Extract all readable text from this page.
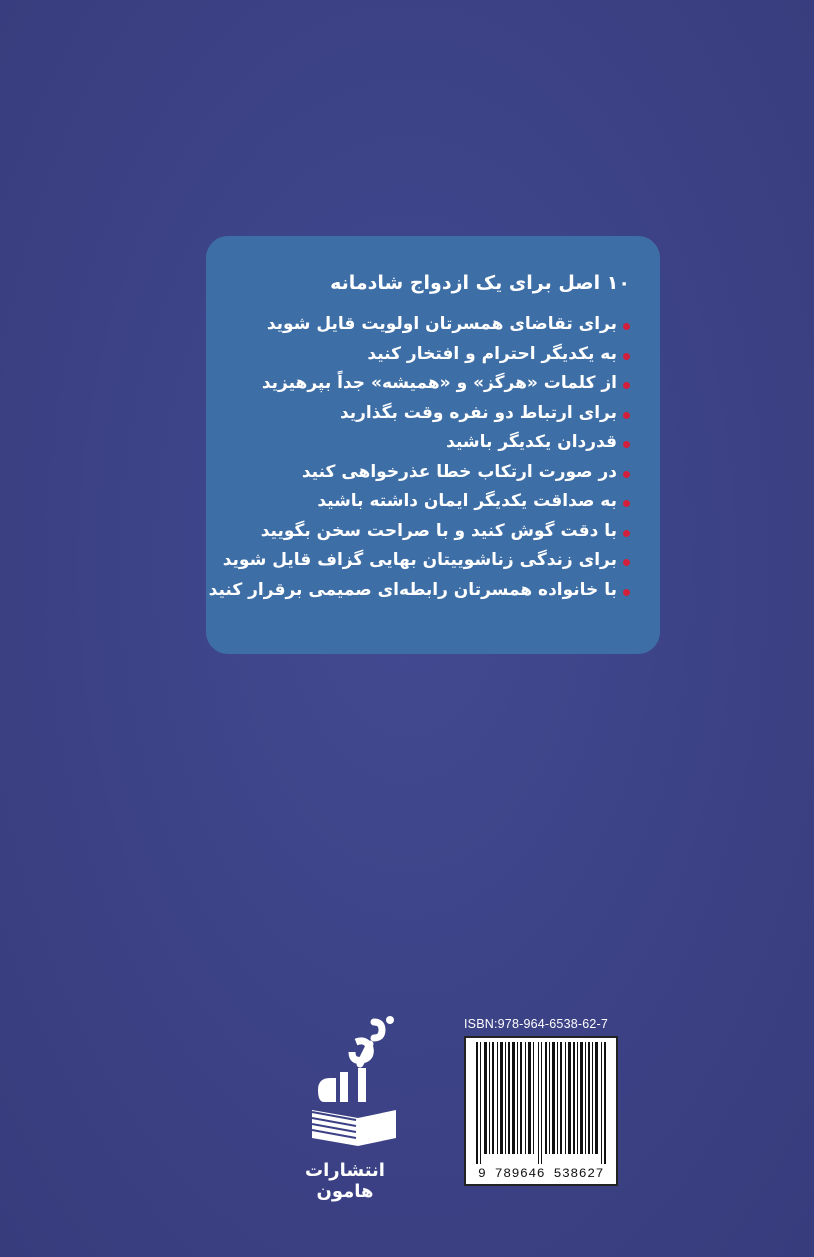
۱۰ اصل برای یک ازدواج شادمانه
برای تقاضای همسرتان اولویت قایل شوید
به یکدیگر احترام و افتخار کنید
از کلمات «هرگز» و «همیشه» جداً بپرهیزید
برای ارتباط دو نفره وقت بگذارید
قدردان یکدیگر باشید
در صورت ارتکاب خطا عذرخواهی کنید
به صداقت یکدیگر ایمان داشته باشید
با دقت گوش کنید و با صراحت سخن بگویید
برای زندگی زناشوییتان بهایی گزاف قایل شوید
با خانواده همسرتان رابطه‌ای صمیمی برقرار کنید
انتشارات هامون
ISBN:978-964-6538-62-7
9 789646 538627
